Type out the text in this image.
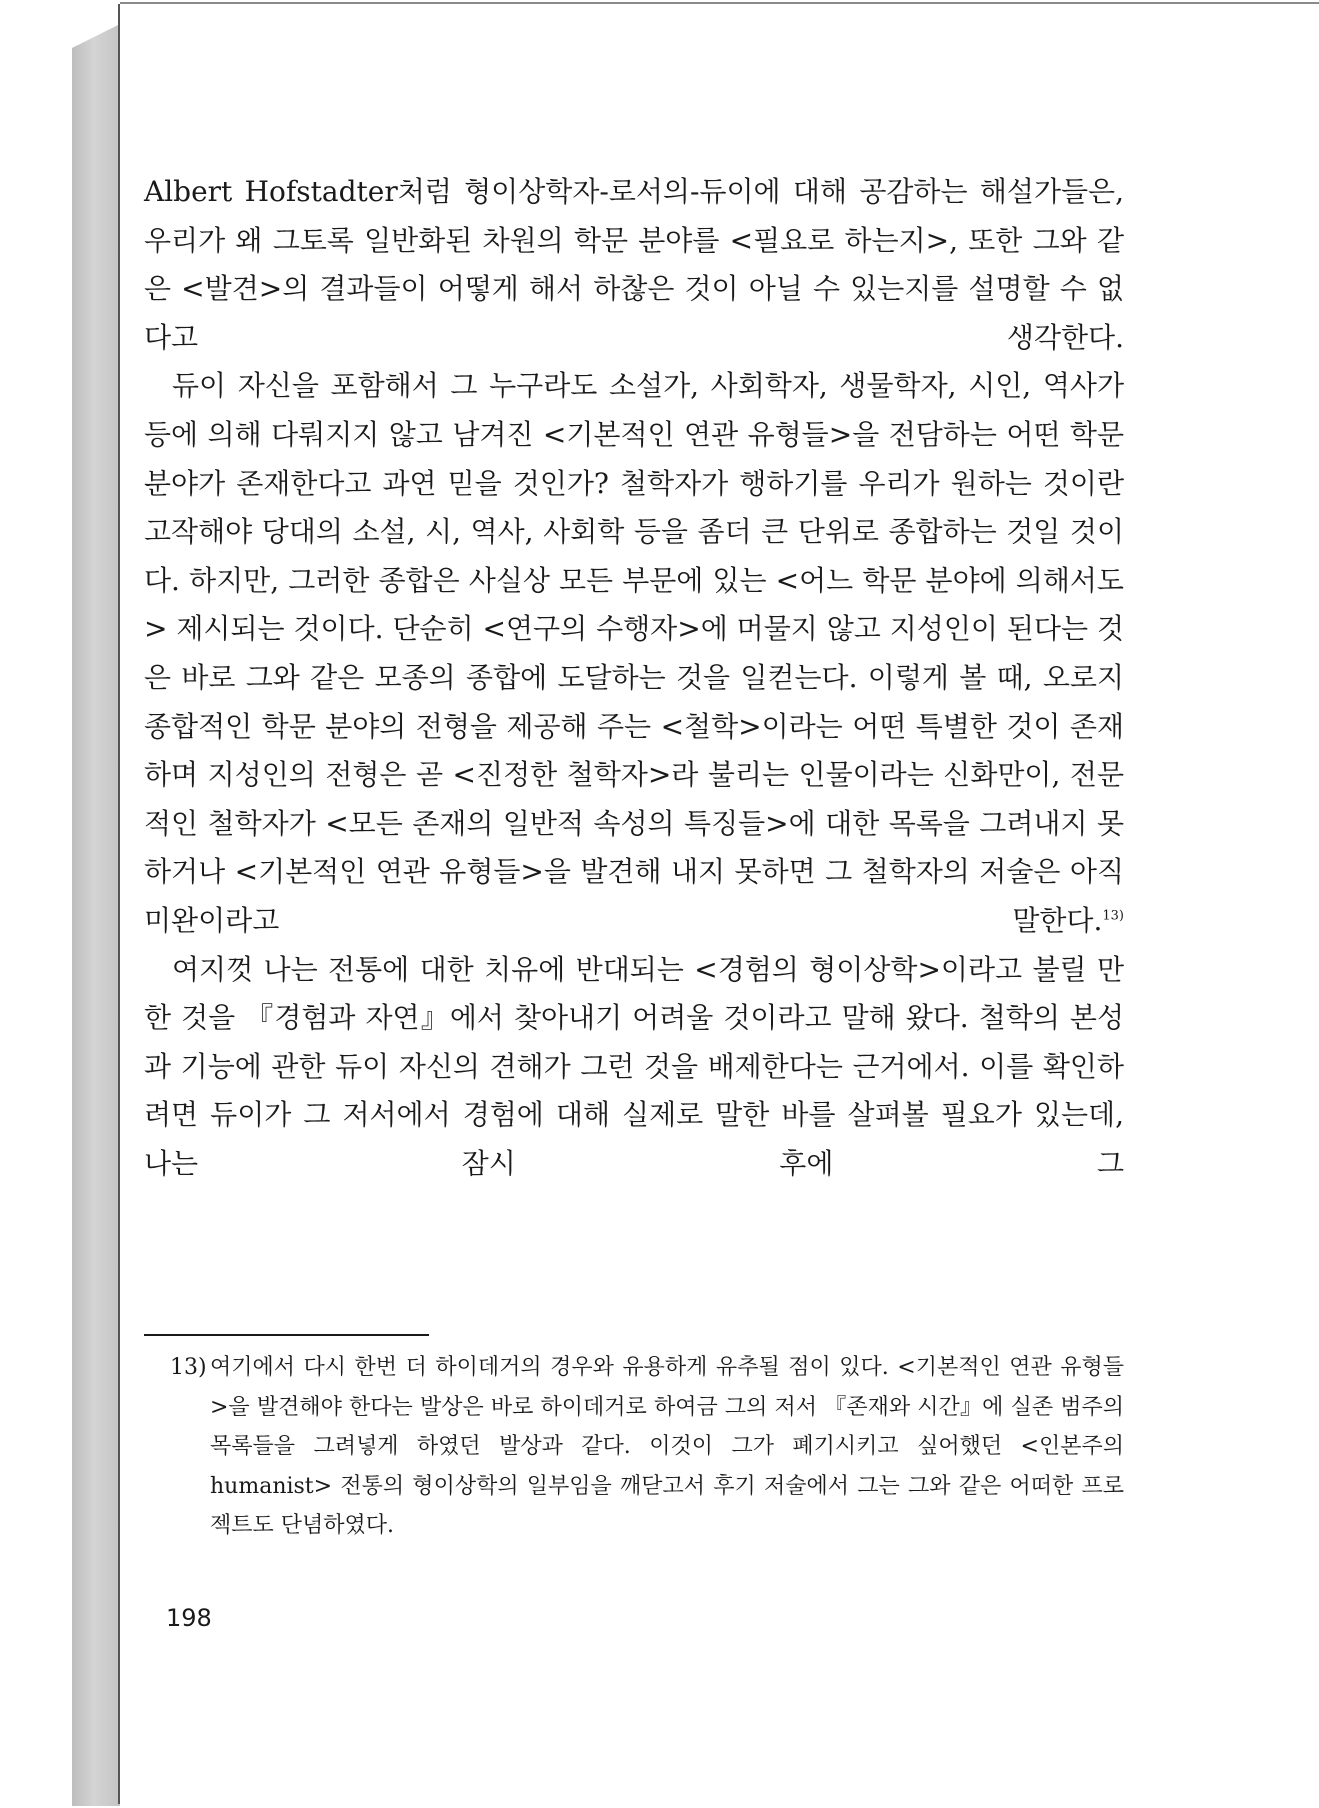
Albert Hofstadter처럼 형이상학자-로서의-듀이에 대해 공감하는 해설가들은, 우리가 왜 그토록 일반화된 차원의 학문 분야를 <필요로 하는지>, 또한 그와 같은 <발견>의 결과들이 어떻게 해서 하찮은 것이 아닐 수 있는지를 설명할 수 없다고 생각한다.

듀이 자신을 포함해서 그 누구라도 소설가, 사회학자, 생물학자, 시인, 역사가 등에 의해 다뤄지지 않고 남겨진 <기본적인 연관 유형들>을 전담하는 어떤 학문 분야가 존재한다고 과연 믿을 것인가? 철학자가 행하기를 우리가 원하는 것이란 고작해야 당대의 소설, 시, 역사, 사회학 등을 좀더 큰 단위로 종합하는 것일 것이다. 하지만, 그러한 종합은 사실상 모든 부문에 있는 <어느 학문 분야에 의해서도> 제시되는 것이다. 단순히 <연구의 수행자>에 머물지 않고 지성인이 된다는 것은 바로 그와 같은 모종의 종합에 도달하는 것을 일컫는다. 이렇게 볼 때, 오로지 종합적인 학문 분야의 전형을 제공해 주는 <철학>이라는 어떤 특별한 것이 존재하며 지성인의 전형은 곧 <진정한 철학자>라 불리는 인물이라는 신화만이, 전문적인 철학자가 <모든 존재의 일반적 속성의 특징들>에 대한 목록을 그려내지 못하거나 <기본적인 연관 유형들>을 발견해 내지 못하면 그 철학자의 저술은 아직 미완이라고 말한다.$^{13)}$

여지껏 나는 전통에 대한 치유에 반대되는 <경험의 형이상학>이라고 불릴 만한 것을 『경험과 자연』에서 찾아내기 어려울 것이라고 말해 왔다. 철학의 본성과 기능에 관한 듀이 자신의 견해가 그런 것을 배제한다는 근거에서. 이를 확인하려면 듀이가 그 저서에서 경험에 대해 실제로 말한 바를 살펴볼 필요가 있는데, 나는 잠시 후에 그

13) 여기에서 다시 한번 더 하이데거의 경우와 유용하게 유추될 점이 있다. <기본적인 연관 유형들>을 발견해야 한다는 발상은 바로 하이데거로 하여금 그의 저서 『존재와 시간』에 실존 범주의 목록들을 그려넣게 하였던 발상과 같다. 이것이 그가 폐기시키고 싶어했던 <인본주의humanist> 전통의 형이상학의 일부임을 깨닫고서 후기 저술에서 그는 그와 같은 어떠한 프로젝트도 단념하였다.
198
